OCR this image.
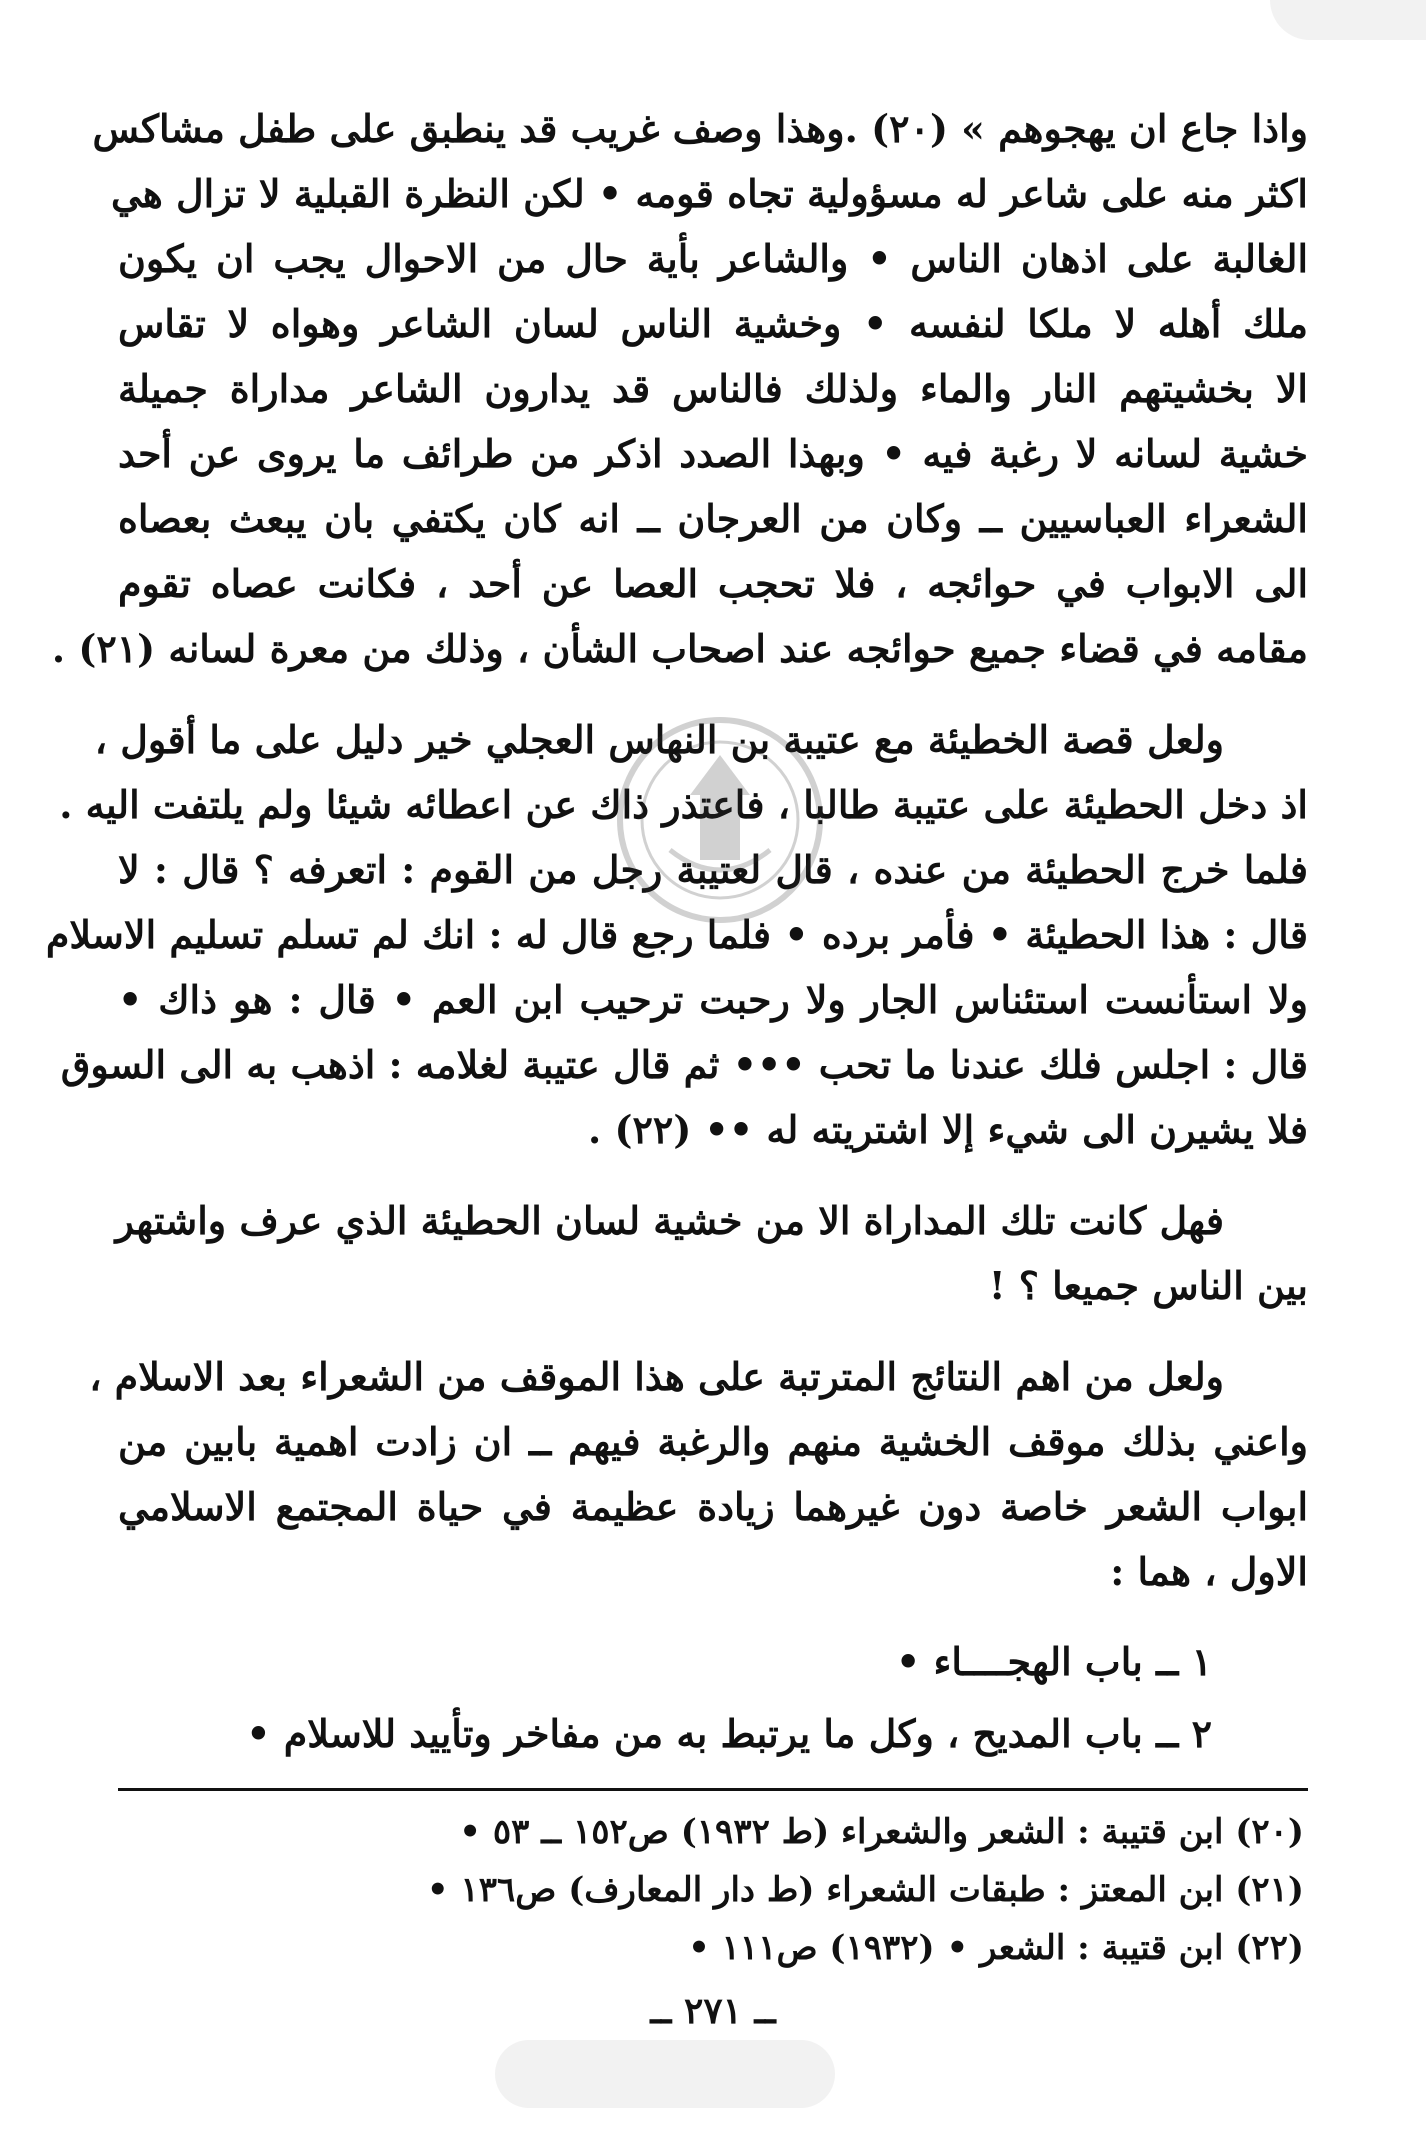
واذا جاع ان يهجوهم » (٢٠) .وهذا وصف غريب قد ينطبق على طفل مشاكس

اكثر منه على شاعر له مسؤولية تجاه قومه • لكن النظرة القبلية لا تزال هي

الغالبة على اذهان الناس • والشاعر بأية حال من الاحوال يجب ان يكون

ملك أهله لا ملكا لنفسه • وخشية الناس لسان الشاعر وهواه لا تقاس

الا بخشيتهم النار والماء ولذلك فالناس قد يدارون الشاعر مداراة جميلة

خشية لسانه لا رغبة فيه • وبهذا الصدد اذكر من طرائف ما يروى عن أحد

الشعراء العباسيين ــ وكان من العرجان ــ انه كان يكتفي بان يبعث بعصاه

الى الابواب في حوائجه ، فلا تحجب العصا عن أحد ، فكانت عصاه تقوم

مقامه في قضاء جميع حوائجه عند اصحاب الشأن ، وذلك من معرة لسانه (٢١) .

ولعل قصة الخطيئة مع عتيبة بن النهاس العجلي خير دليل على ما أقول ،

اذ دخل الحطيئة على عتيبة طالبا ، فاعتذر ذاك عن اعطائه شيئا ولم يلتفت اليه .

فلما خرج الحطيئة من عنده ، قال لعتيبة رجل من القوم : اتعرفه ؟ قال : لا

قال : هذا الحطيئة • فأمر برده • فلما رجع قال له : انك لم تسلم تسليم الاسلام

ولا استأنست استئناس الجار ولا رحبت ترحيب ابن العم • قال : هو ذاك •

قال : اجلس فلك عندنا ما تحب ••• ثم قال عتيبة لغلامه : اذهب به الى السوق

فلا يشيرن الى شيء إلا اشتريته له •• (٢٢) .

فهل كانت تلك المداراة الا من خشية لسان الحطيئة الذي عرف واشتهر

بين الناس جميعا ؟ !

ولعل من اهم النتائج المترتبة على هذا الموقف من الشعراء بعد الاسلام ،

واعني بذلك موقف الخشية منهم والرغبة فيهم ــ ان زادت اهمية بابين من

ابواب الشعر خاصة دون غيرهما زيادة عظيمة في حياة المجتمع الاسلامي

الاول ، هما :

١ ــ باب الهجــــاء •

٢ ــ باب المديح ، وكل ما يرتبط به من مفاخر وتأييد للاسلام •

(٢٠) ابن قتيبة : الشعر والشعراء (ط ١٩٣٢) ص١٥٢ ــ ٥٣ •

(٢١) ابن المعتز : طبقات الشعراء (ط دار المعارف) ص١٣٦ •

(٢٢) ابن قتيبة : الشعر • (١٩٣٢) ص١١١ •

ــ ٢٧١ ــ
